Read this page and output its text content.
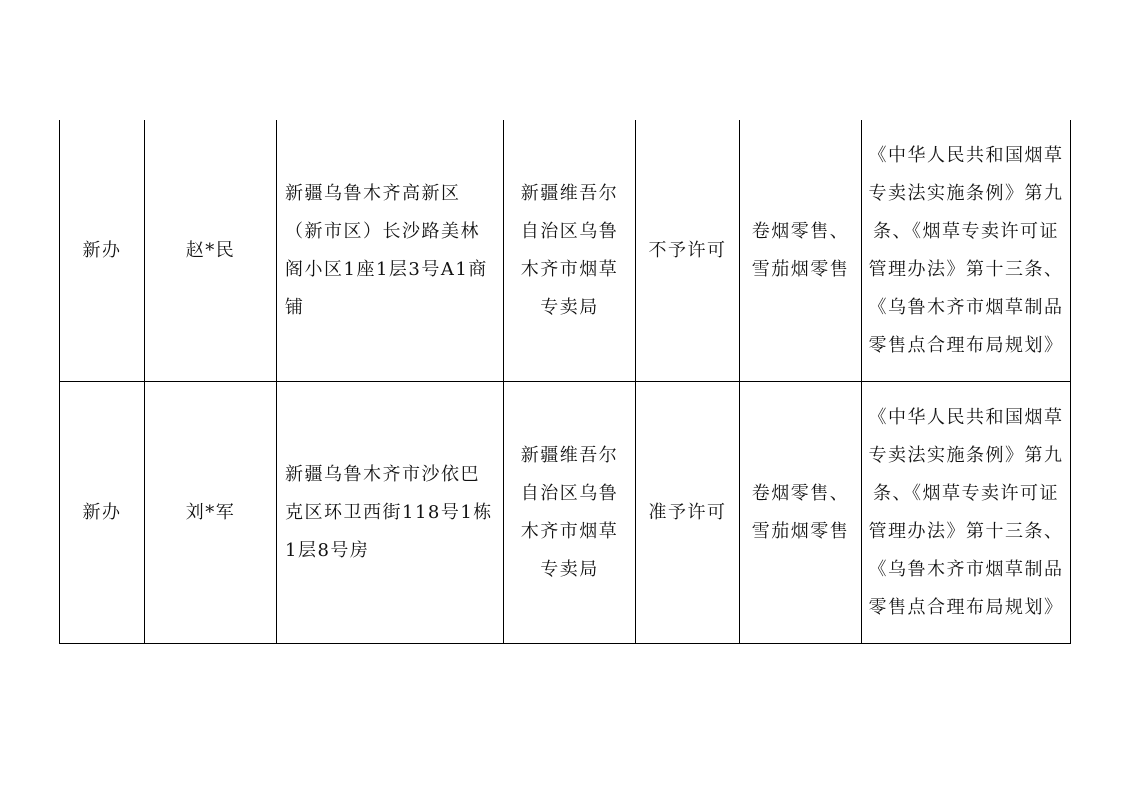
新办	赵*民	新疆乌鲁木齐高新区（新市区）长沙路美林阁小区1座1层3号A1商铺	新疆维吾尔自治区乌鲁木齐市烟草专卖局	不予许可	卷烟零售、雪茄烟零售	《中华人民共和国烟草专卖法实施条例》第九条、《烟草专卖许可证管理办法》第十三条、《乌鲁木齐市烟草制品零售点合理布局规划》
新办	刘*军	新疆乌鲁木齐市沙依巴克区环卫西街118号1栋1层8号房	新疆维吾尔自治区乌鲁木齐市烟草专卖局	准予许可	卷烟零售、雪茄烟零售	《中华人民共和国烟草专卖法实施条例》第九条、《烟草专卖许可证管理办法》第十三条、《乌鲁木齐市烟草制品零售点合理布局规划》
